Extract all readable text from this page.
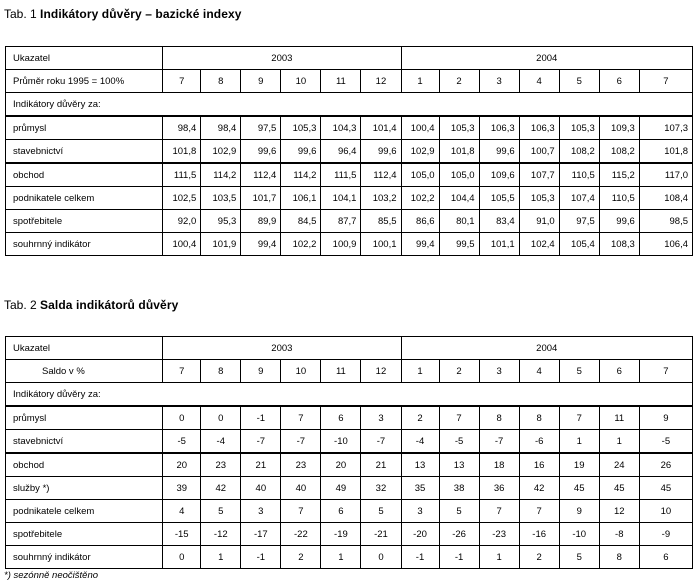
Tab. 1 Indikátory důvěry – bazické indexy
Ukazatel	2003						2004						
Průměr roku 1995 = 100%	7	8	9	10	11	12	1	2	3	4	5	6	7
Indikátory důvěry za:													
průmysl	98,4	98,4	97,5	105,3	104,3	101,4	100,4	105,3	106,3	106,3	105,3	109,3	107,3
stavebnictví	101,8	102,9	99,6	99,6	96,4	99,6	102,9	101,8	99,6	100,7	108,2	108,2	101,8
obchod	111,5	114,2	112,4	114,2	111,5	112,4	105,0	105,0	109,6	107,7	110,5	115,2	117,0
podnikatele celkem	102,5	103,5	101,7	106,1	104,1	103,2	102,2	104,4	105,5	105,3	107,4	110,5	108,4
spotřebitele	92,0	95,3	89,9	84,5	87,7	85,5	86,6	80,1	83,4	91,0	97,5	99,6	98,5
souhrnný indikátor	100,4	101,9	99,4	102,2	100,9	100,1	99,4	99,5	101,1	102,4	105,4	108,3	106,4
Tab. 2 Salda indikátorů důvěry
Ukazatel	2003						2004						
Saldo v %	7	8	9	10	11	12	1	2	3	4	5	6	7
Indikátory důvěry za:													
průmysl	0	0	-1	7	6	3	2	7	8	8	7	11	9
stavebnictví	-5	-4	-7	-7	-10	-7	-4	-5	-7	-6	1	1	-5
obchod	20	23	21	23	20	21	13	13	18	16	19	24	26
služby *)	39	42	40	40	49	32	35	38	36	42	45	45	45
podnikatele celkem	4	5	3	7	6	5	3	5	7	7	9	12	10
spotřebitele	-15	-12	-17	-22	-19	-21	-20	-26	-23	-16	-10	-8	-9
souhrnný indikátor	0	1	-1	2	1	0	-1	-1	1	2	5	8	6
*) sezónně neočištěno
